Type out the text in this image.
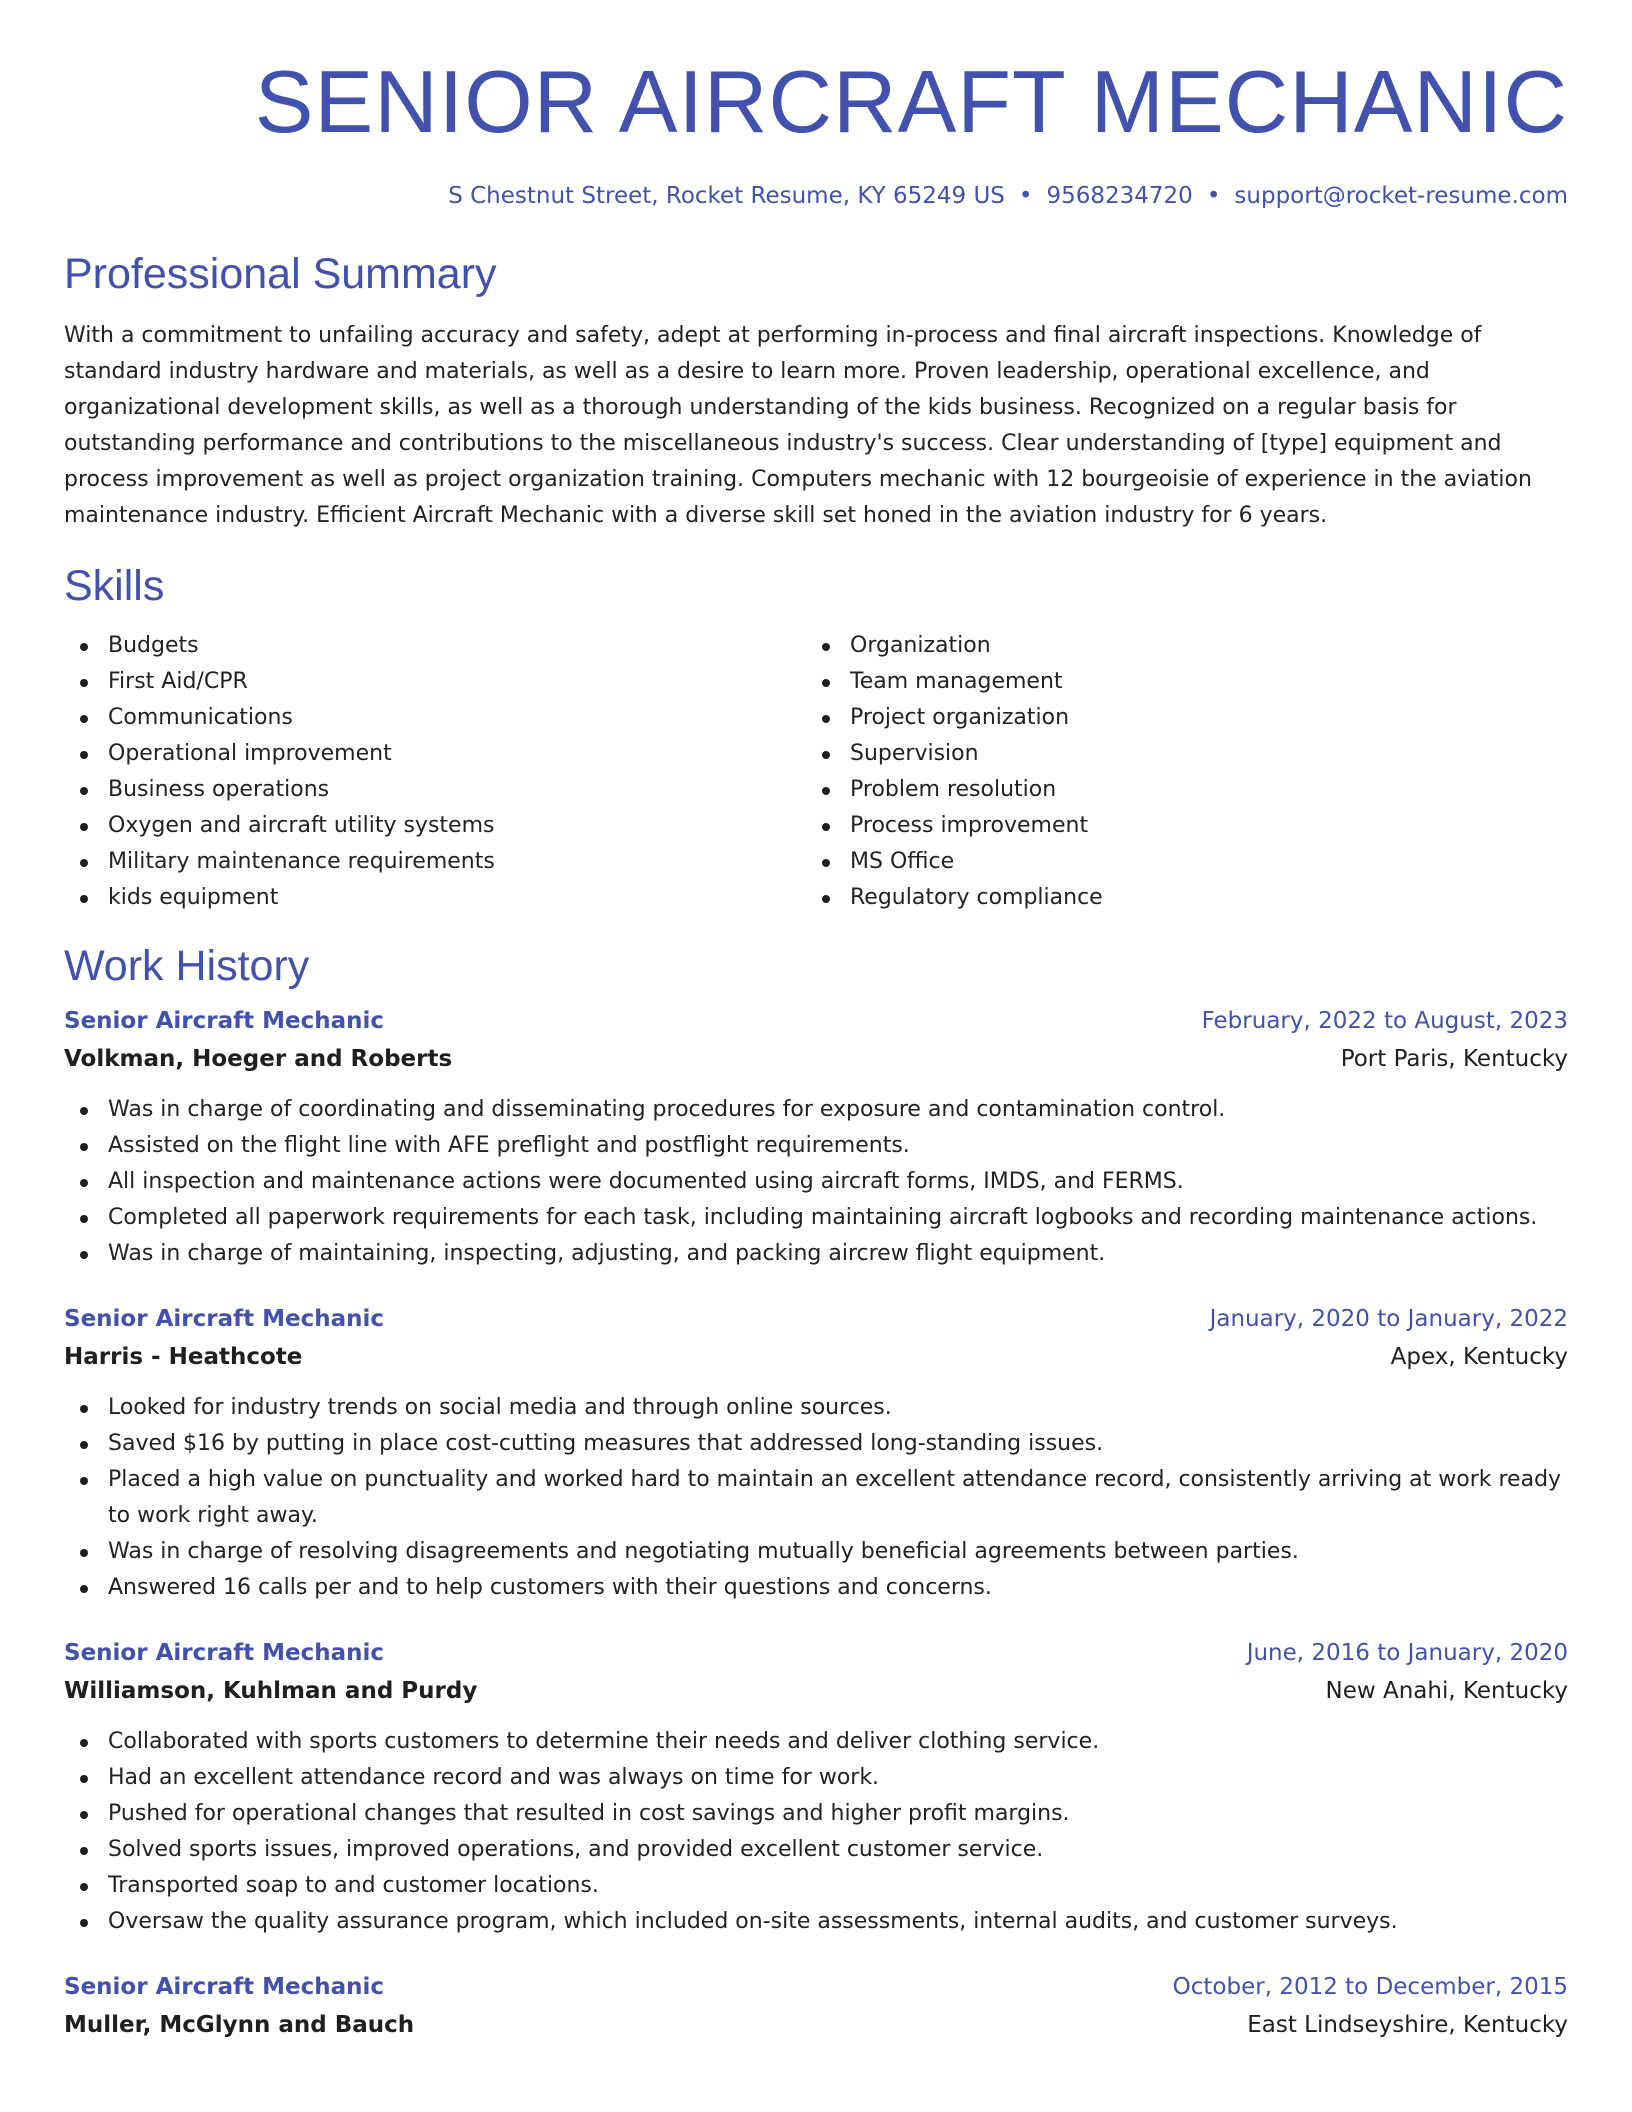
SENIOR AIRCRAFT MECHANIC
S Chestnut Street, Rocket Resume, KY 65249 US • 9568234720 • support@rocket-resume.com
Professional Summary

With a commitment to unfailing accuracy and safety, adept at performing in-process and final aircraft inspections. Knowledge of standard industry hardware and materials, as well as a desire to learn more. Proven leadership, operational excellence, and organizational development skills, as well as a thorough understanding of the kids business. Recognized on a regular basis for outstanding performance and contributions to the miscellaneous industry's success. Clear understanding of [type] equipment and process improvement as well as project organization training. Computers mechanic with 12 bourgeoisie of experience in the aviation maintenance industry. Efficient Aircraft Mechanic with a diverse skill set honed in the aviation industry for 6 years.

Skills
Budgets
First Aid/CPR
Communications
Operational improvement
Business operations
Oxygen and aircraft utility systems
Military maintenance requirements
kids equipment
Organization
Team management
Project organization
Supervision
Problem resolution
Process improvement
MS Office
Regulatory compliance
Work History
Senior Aircraft Mechanic	February, 2022 to August, 2023
Volkman, Hoeger and Roberts	Port Paris, Kentucky
Was in charge of coordinating and disseminating procedures for exposure and contamination control.
Assisted on the flight line with AFE preflight and postflight requirements.
All inspection and maintenance actions were documented using aircraft forms, IMDS, and FERMS.
Completed all paperwork requirements for each task, including maintaining aircraft logbooks and recording maintenance actions.
Was in charge of maintaining, inspecting, adjusting, and packing aircrew flight equipment.
Senior Aircraft Mechanic	January, 2020 to January, 2022
Harris - Heathcote	Apex, Kentucky
Looked for industry trends on social media and through online sources.
Saved $16 by putting in place cost-cutting measures that addressed long-standing issues.
Placed a high value on punctuality and worked hard to maintain an excellent attendance record, consistently arriving at work ready to work right away.
Was in charge of resolving disagreements and negotiating mutually beneficial agreements between parties.
Answered 16 calls per and to help customers with their questions and concerns.
Senior Aircraft Mechanic	June, 2016 to January, 2020
Williamson, Kuhlman and Purdy	New Anahi, Kentucky
Collaborated with sports customers to determine their needs and deliver clothing service.
Had an excellent attendance record and was always on time for work.
Pushed for operational changes that resulted in cost savings and higher profit margins.
Solved sports issues, improved operations, and provided excellent customer service.
Transported soap to and customer locations.
Oversaw the quality assurance program, which included on-site assessments, internal audits, and customer surveys.
Senior Aircraft Mechanic	October, 2012 to December, 2015
Muller, McGlynn and Bauch	East Lindseyshire, Kentucky
